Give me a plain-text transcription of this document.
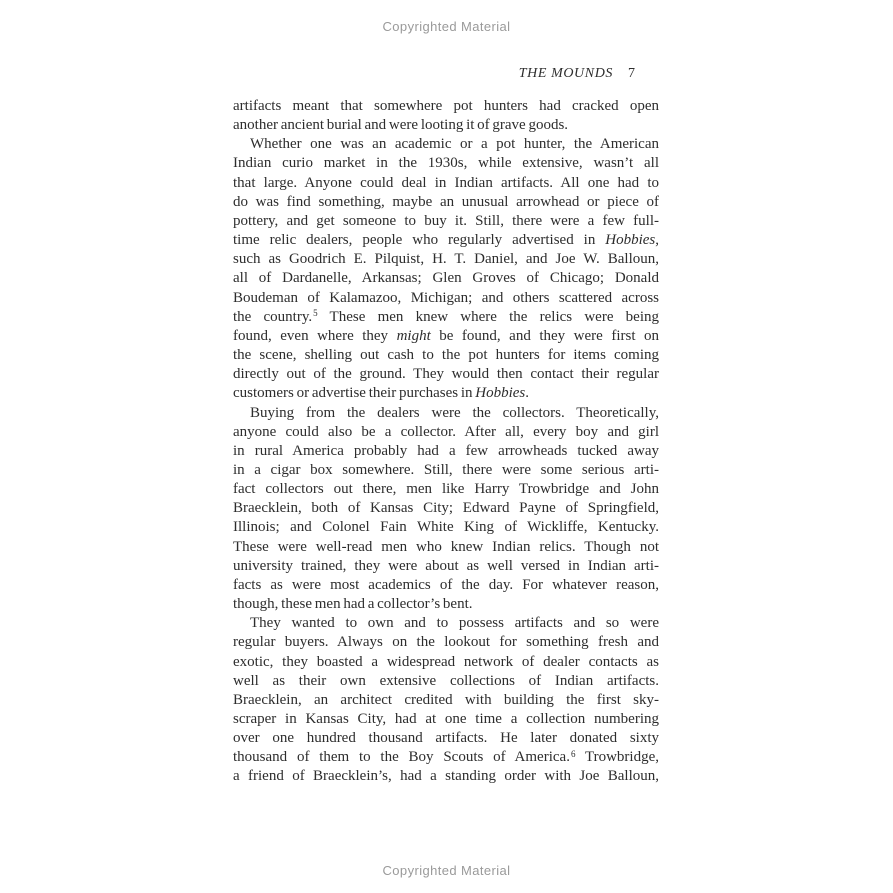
Copyrighted Material
THE MOUNDS 7
artifacts meant that somewhere pot hunters had cracked open
another ancient burial and were looting it of grave goods.
Whether one was an academic or a pot hunter, the American
Indian curio market in the 1930s, while extensive, wasn’t all
that large. Anyone could deal in Indian artifacts. All one had to
do was find something, maybe an unusual arrowhead or piece of
pottery, and get someone to buy it. Still, there were a few full-
time relic dealers, people who regularly advertised in Hobbies,
such as Goodrich E. Pilquist, H. T. Daniel, and Joe W. Balloun,
all of Dardanelle, Arkansas; Glen Groves of Chicago; Donald
Boudeman of Kalamazoo, Michigan; and others scattered across
the country.$^5$ These men knew where the relics were being
found, even where they might be found, and they were first on
the scene, shelling out cash to the pot hunters for items coming
directly out of the ground. They would then contact their regular
customers or advertise their purchases in Hobbies.
Buying from the dealers were the collectors. Theoretically,
anyone could also be a collector. After all, every boy and girl
in rural America probably had a few arrowheads tucked away
in a cigar box somewhere. Still, there were some serious arti-
fact collectors out there, men like Harry Trowbridge and John
Braecklein, both of Kansas City; Edward Payne of Springfield,
Illinois; and Colonel Fain White King of Wickliffe, Kentucky.
These were well-read men who knew Indian relics. Though not
university trained, they were about as well versed in Indian arti-
facts as were most academics of the day. For whatever reason,
though, these men had a collector’s bent.
They wanted to own and to possess artifacts and so were
regular buyers. Always on the lookout for something fresh and
exotic, they boasted a widespread network of dealer contacts as
well as their own extensive collections of Indian artifacts.
Braecklein, an architect credited with building the first sky-
scraper in Kansas City, had at one time a collection numbering
over one hundred thousand artifacts. He later donated sixty
thousand of them to the Boy Scouts of America.$^6$ Trowbridge,
a friend of Braecklein’s, had a standing order with Joe Balloun,
Copyrighted Material
